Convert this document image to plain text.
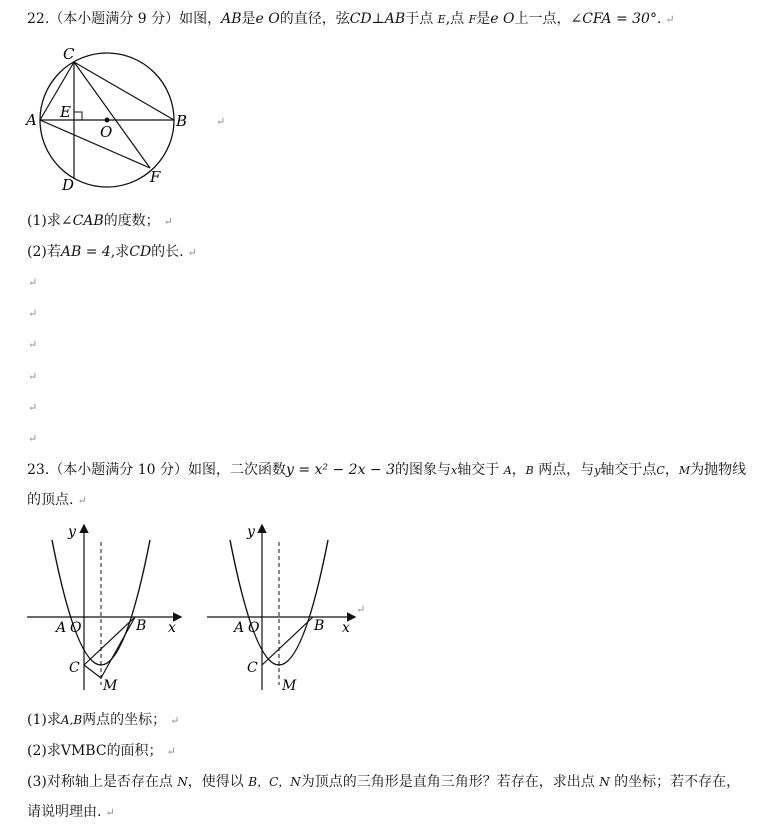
22.（本小题满分 9 分）如图，AB是e O的直径，弦CD⊥AB于点 E,点 F是e O上一点，∠CFA = 30°. ↵
C
A E
O
B
D	F
↵
(1)求∠CAB的度数； ↵
(2)若AB = 4,求CD的长. ↵
↵
↵
↵
↵
↵
↵
23.（本小题满分 10 分）如图，二次函数y = x² − 2x − 3的图象与x轴交于 A，B 两点，与y轴交于点C，M为抛物线
的顶点. ↵
y
x
A O	B
C
M
y
x
A O	B
C
M
↵
(1)求A,B两点的坐标； ↵
(2)求VMBC的面积； ↵
(3)对称轴上是否存在点 N，使得以 B，C，N为顶点的三角形是直角三角形？若存在，求出点 N 的坐标；若不存在，
请说明理由. ↵
